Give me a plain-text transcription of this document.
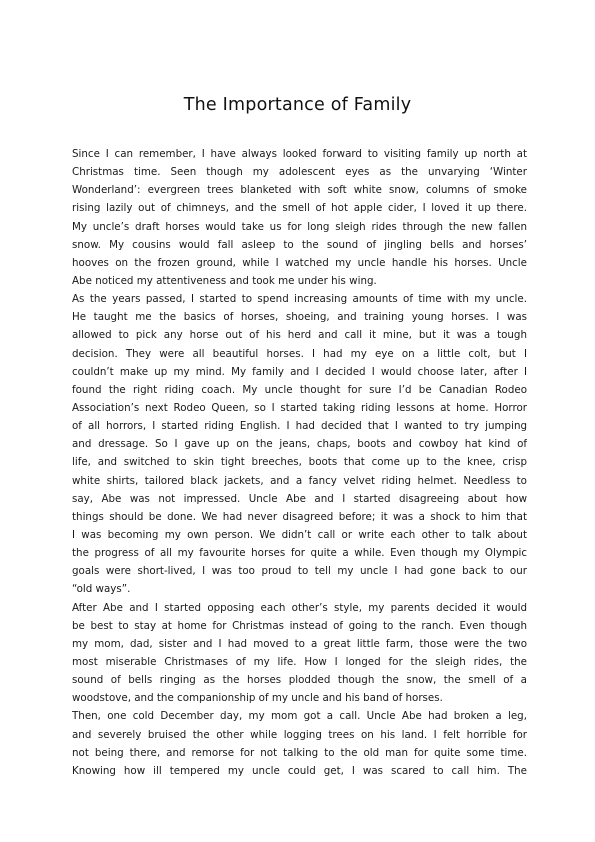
The Importance of Family
Since I can remember, I have always looked forward to visiting family up north at
Christmas time. Seen though my adolescent eyes as the unvarying ‘Winter
Wonderland’: evergreen trees blanketed with soft white snow, columns of smoke
rising lazily out of chimneys, and the smell of hot apple cider, I loved it up there.
My uncle’s draft horses would take us for long sleigh rides through the new fallen
snow. My cousins would fall asleep to the sound of jingling bells and horses’
hooves on the frozen ground, while I watched my uncle handle his horses. Uncle
Abe noticed my attentiveness and took me under his wing.
As the years passed, I started to spend increasing amounts of time with my uncle.
He taught me the basics of horses, shoeing, and training young horses. I was
allowed to pick any horse out of his herd and call it mine, but it was a tough
decision. They were all beautiful horses. I had my eye on a little colt, but I
couldn’t make up my mind. My family and I decided I would choose later, after I
found the right riding coach. My uncle thought for sure I’d be Canadian Rodeo
Association’s next Rodeo Queen, so I started taking riding lessons at home. Horror
of all horrors, I started riding English. I had decided that I wanted to try jumping
and dressage. So I gave up on the jeans, chaps, boots and cowboy hat kind of
life, and switched to skin tight breeches, boots that come up to the knee, crisp
white shirts, tailored black jackets, and a fancy velvet riding helmet. Needless to
say, Abe was not impressed. Uncle Abe and I started disagreeing about how
things should be done. We had never disagreed before; it was a shock to him that
I was becoming my own person. We didn’t call or write each other to talk about
the progress of all my favourite horses for quite a while. Even though my Olympic
goals were short-lived, I was too proud to tell my uncle I had gone back to our
“old ways”.
After Abe and I started opposing each other’s style, my parents decided it would
be best to stay at home for Christmas instead of going to the ranch. Even though
my mom, dad, sister and I had moved to a great little farm, those were the two
most miserable Christmases of my life. How I longed for the sleigh rides, the
sound of bells ringing as the horses plodded though the snow, the smell of a
woodstove, and the companionship of my uncle and his band of horses.
Then, one cold December day, my mom got a call. Uncle Abe had broken a leg,
and severely bruised the other while logging trees on his land. I felt horrible for
not being there, and remorse for not talking to the old man for quite some time.
Knowing how ill tempered my uncle could get, I was scared to call him. The
